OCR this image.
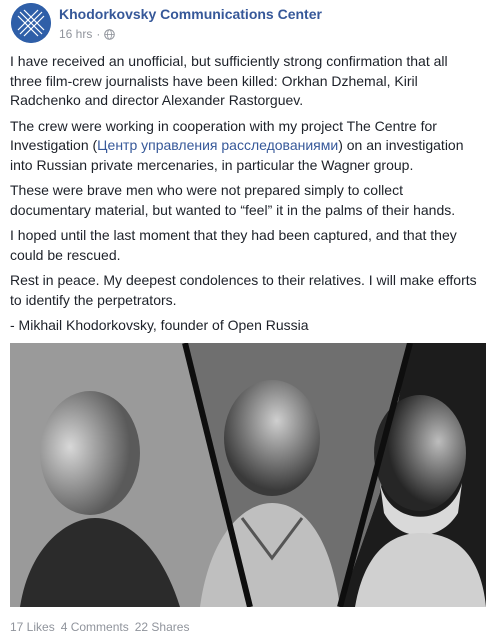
Khodorkovsky Communications Center
16 hrs ·

I have received an unofficial, but sufficiently strong confirmation that all three film-crew journalists have been killed: Orkhan Dzhemal, Kiril Radchenko and director Alexander Rastorguev.

The crew were working in cooperation with my project The Centre for Investigation (Центр управления расследованиями) on an investigation into Russian private mercenaries, in particular the Wagner group.

These were brave men who were not prepared simply to collect documentary material, but wanted to “feel” it in the palms of their hands.

I hoped until the last moment that they had been captured, and that they could be rescued.

Rest in peace. My deepest condolences to their relatives. I will make efforts to identify the perpetrators.

- Mikhail Khodorkovsky, founder of Open Russia

17 Likes 4 Comments 22 Shares
